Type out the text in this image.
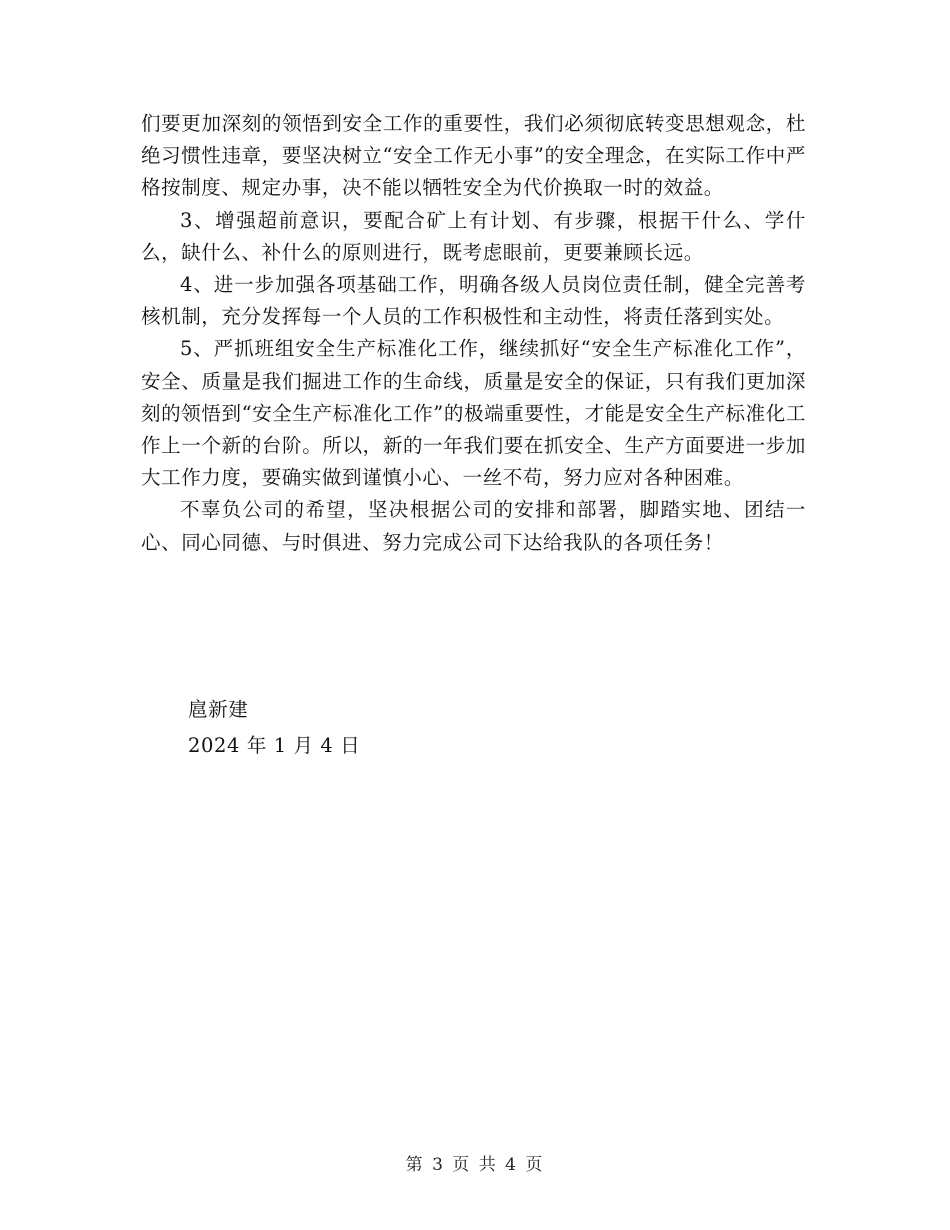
们要更加深刻的领悟到安全工作的重要性，我们必须彻底转变思想观念，杜绝习惯性违章，要坚决树立“安全工作无小事”的安全理念，在实际工作中严格按制度、规定办事，决不能以牺牲安全为代价换取一时的效益。

3、增强超前意识，要配合矿上有计划、有步骤，根据干什么、学什么，缺什么、补什么的原则进行，既考虑眼前，更要兼顾长远。

4、进一步加强各项基础工作，明确各级人员岗位责任制，健全完善考核机制，充分发挥每一个人员的工作积极性和主动性，将责任落到实处。

5、严抓班组安全生产标准化工作，继续抓好“安全生产标准化工作”，安全、质量是我们掘进工作的生命线，质量是安全的保证，只有我们更加深刻的领悟到“安全生产标准化工作”的极端重要性，才能是安全生产标准化工作上一个新的台阶。所以，新的一年我们要在抓安全、生产方面要进一步加大工作力度，要确实做到谨慎小心、一丝不苟，努力应对各种困难。

不辜负公司的希望，坚决根据公司的安排和部署，脚踏实地、团结一心、同心同德、与时俱进、努力完成公司下达给我队的各项任务！

扈新建
2024 年 1 月 4 日
第 3 页 共 4 页
